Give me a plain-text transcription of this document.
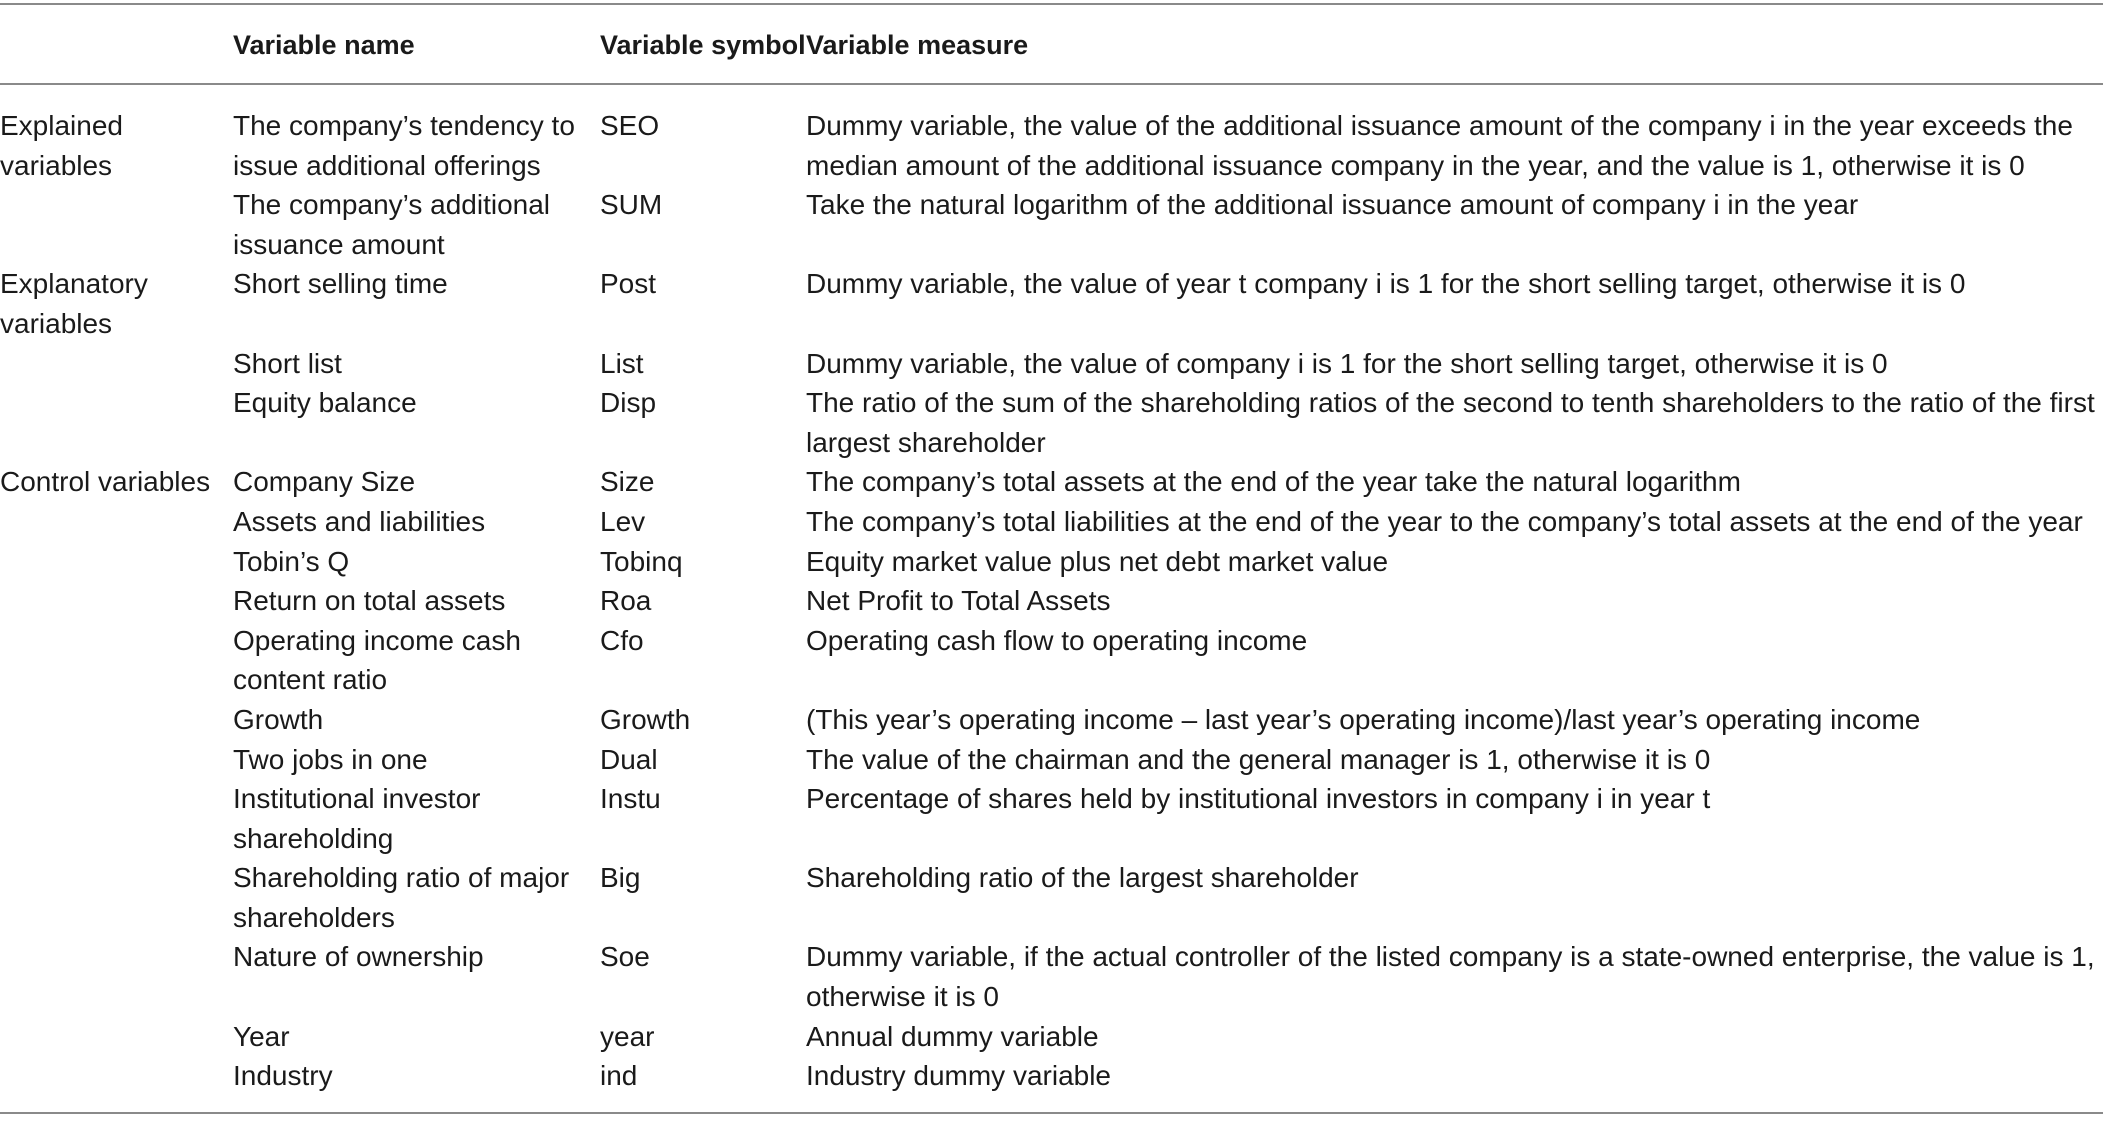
	Variable name	Variable symbol	Variable measure
Explained variables	The company’s tendency to issue additional offerings	SEO	Dummy variable, the value of the additional issuance amount of the company i in the year exceeds the median amount of the additional issuance company in the year, and the value is 1, otherwise it is 0
	The company’s additional issuance amount	SUM	Take the natural logarithm of the additional issuance amount of company i in the year
Explanatory variables	Short selling time	Post	Dummy variable, the value of year t company i is 1 for the short selling target, otherwise it is 0
	Short list	List	Dummy variable, the value of company i is 1 for the short selling target, otherwise it is 0
	Equity balance	Disp	The ratio of the sum of the shareholding ratios of the second to tenth shareholders to the ratio of the first largest shareholder
Control variables	Company Size	Size	The company’s total assets at the end of the year take the natural logarithm
	Assets and liabilities	Lev	The company’s total liabilities at the end of the year to the company’s total assets at the end of the year
	Tobin’s Q	Tobinq	Equity market value plus net debt market value
	Return on total assets	Roa	Net Profit to Total Assets
	Operating income cash content ratio	Cfo	Operating cash flow to operating income
	Growth	Growth	(This year’s operating income – last year’s operating income)/last year’s operating income
	Two jobs in one	Dual	The value of the chairman and the general manager is 1, otherwise it is 0
	Institutional investor shareholding	Instu	Percentage of shares held by institutional investors in company i in year t
	Shareholding ratio of major shareholders	Big	Shareholding ratio of the largest shareholder
	Nature of ownership	Soe	Dummy variable, if the actual controller of the listed company is a state-owned enterprise, the value is 1, otherwise it is 0
	Year	year	Annual dummy variable
	Industry	ind	Industry dummy variable
